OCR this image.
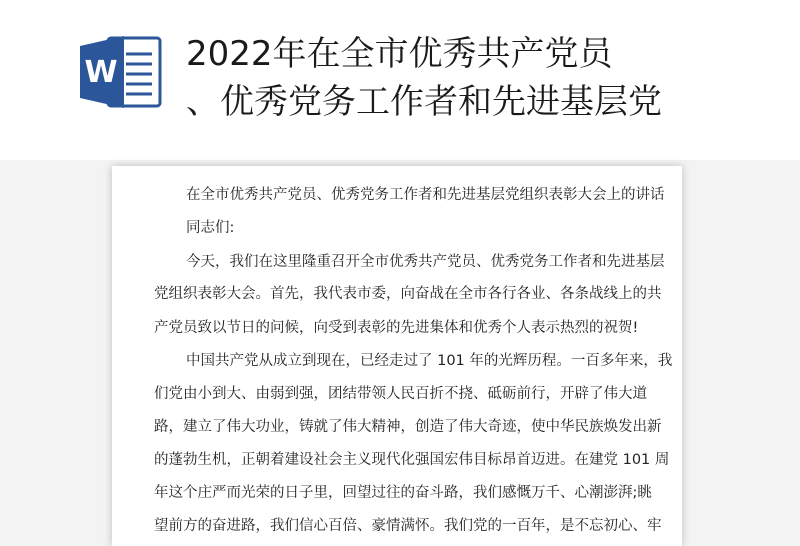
W 2022年在全市优秀共产党员
、优秀党务工作者和先进基层党
在全市优秀共产党员、优秀党务工作者和先进基层党组织表彰大会上的讲话
同志们:
今天，我们在这里隆重召开全市优秀共产党员、优秀党务工作者和先进基层
党组织表彰大会。首先，我代表市委，向奋战在全市各行各业、各条战线上的共
产党员致以节日的问候，向受到表彰的先进集体和优秀个人表示热烈的祝贺!
中国共产党从成立到现在，已经走过了 101 年的光辉历程。一百多年来，我
们党由小到大、由弱到强，团结带领人民百折不挠、砥砺前行，开辟了伟大道
路，建立了伟大功业，铸就了伟大精神，创造了伟大奇迹，使中华民族焕发出新
的蓬勃生机，正朝着建设社会主义现代化强国宏伟目标昂首迈进。在建党 101 周
年这个庄严而光荣的日子里，回望过往的奋斗路，我们感慨万千、心潮澎湃;眺
望前方的奋进路，我们信心百倍、豪情满怀。我们党的一百年，是不忘初心、牢
